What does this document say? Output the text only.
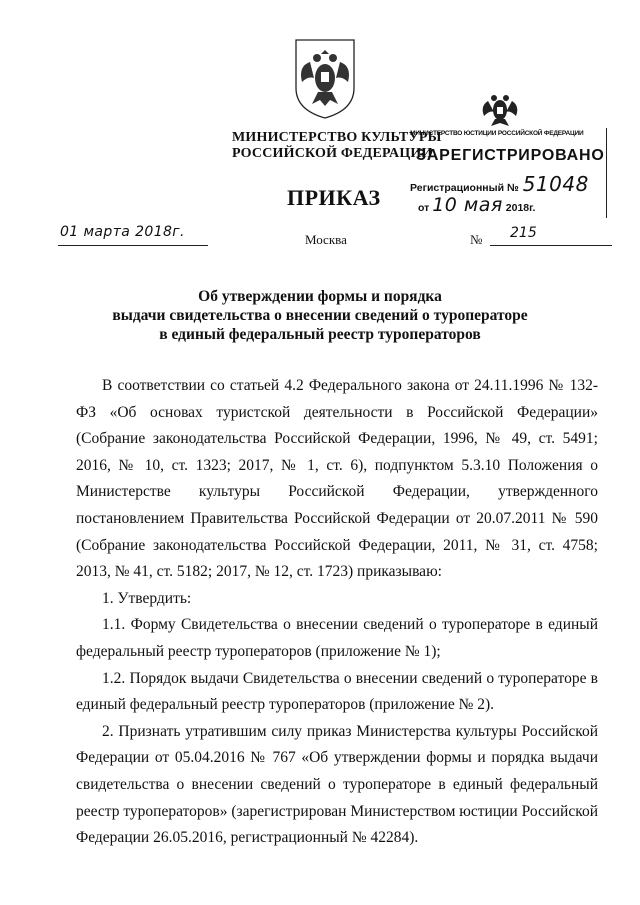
МИНИСТЕРСТВО КУЛЬТУРЫ
РОССИЙСКОЙ ФЕДЕРАЦИИ
ПРИКАЗ
МИНИСТЕРСТВО ЮСТИЦИИ РОССИЙСКОЙ ФЕДЕРАЦИИ
ЗАРЕГИСТРИРОВАНО
Регистрационный № 51048
от 10 мая 2018г.
01 марта 2018г.	Москва	№ 215
Об утверждении формы и порядка
выдачи свидетельства о внесении сведений о туроператоре
в единый федеральный реестр туроператоров

В соответствии со статьей 4.2 Федерального закона от 24.11.1996 № 132-ФЗ «Об основах туристской деятельности в Российской Федерации» (Собрание законодательства Российской Федерации, 1996, № 49, ст. 5491; 2016, № 10, ст. 1323; 2017, № 1, ст. 6), подпунктом 5.3.10 Положения о Министерстве культуры Российской Федерации, утвержденного постановлением Правительства Российской Федерации от 20.07.2011 № 590 (Собрание законодательства Российской Федерации, 2011, № 31, ст. 4758; 2013, № 41, ст. 5182; 2017, № 12, ст. 1723) приказываю:

1. Утвердить:

1.1. Форму Свидетельства о внесении сведений о туроператоре в единый федеральный реестр туроператоров (приложение № 1);

1.2. Порядок выдачи Свидетельства о внесении сведений о туроператоре в единый федеральный реестр туроператоров (приложение № 2).

2. Признать утратившим силу приказ Министерства культуры Российской Федерации от 05.04.2016 № 767 «Об утверждении формы и порядка выдачи свидетельства о внесении сведений о туроператоре в единый федеральный реестр туроператоров» (зарегистрирован Министерством юстиции Российской Федерации 26.05.2016, регистрационный № 42284).
